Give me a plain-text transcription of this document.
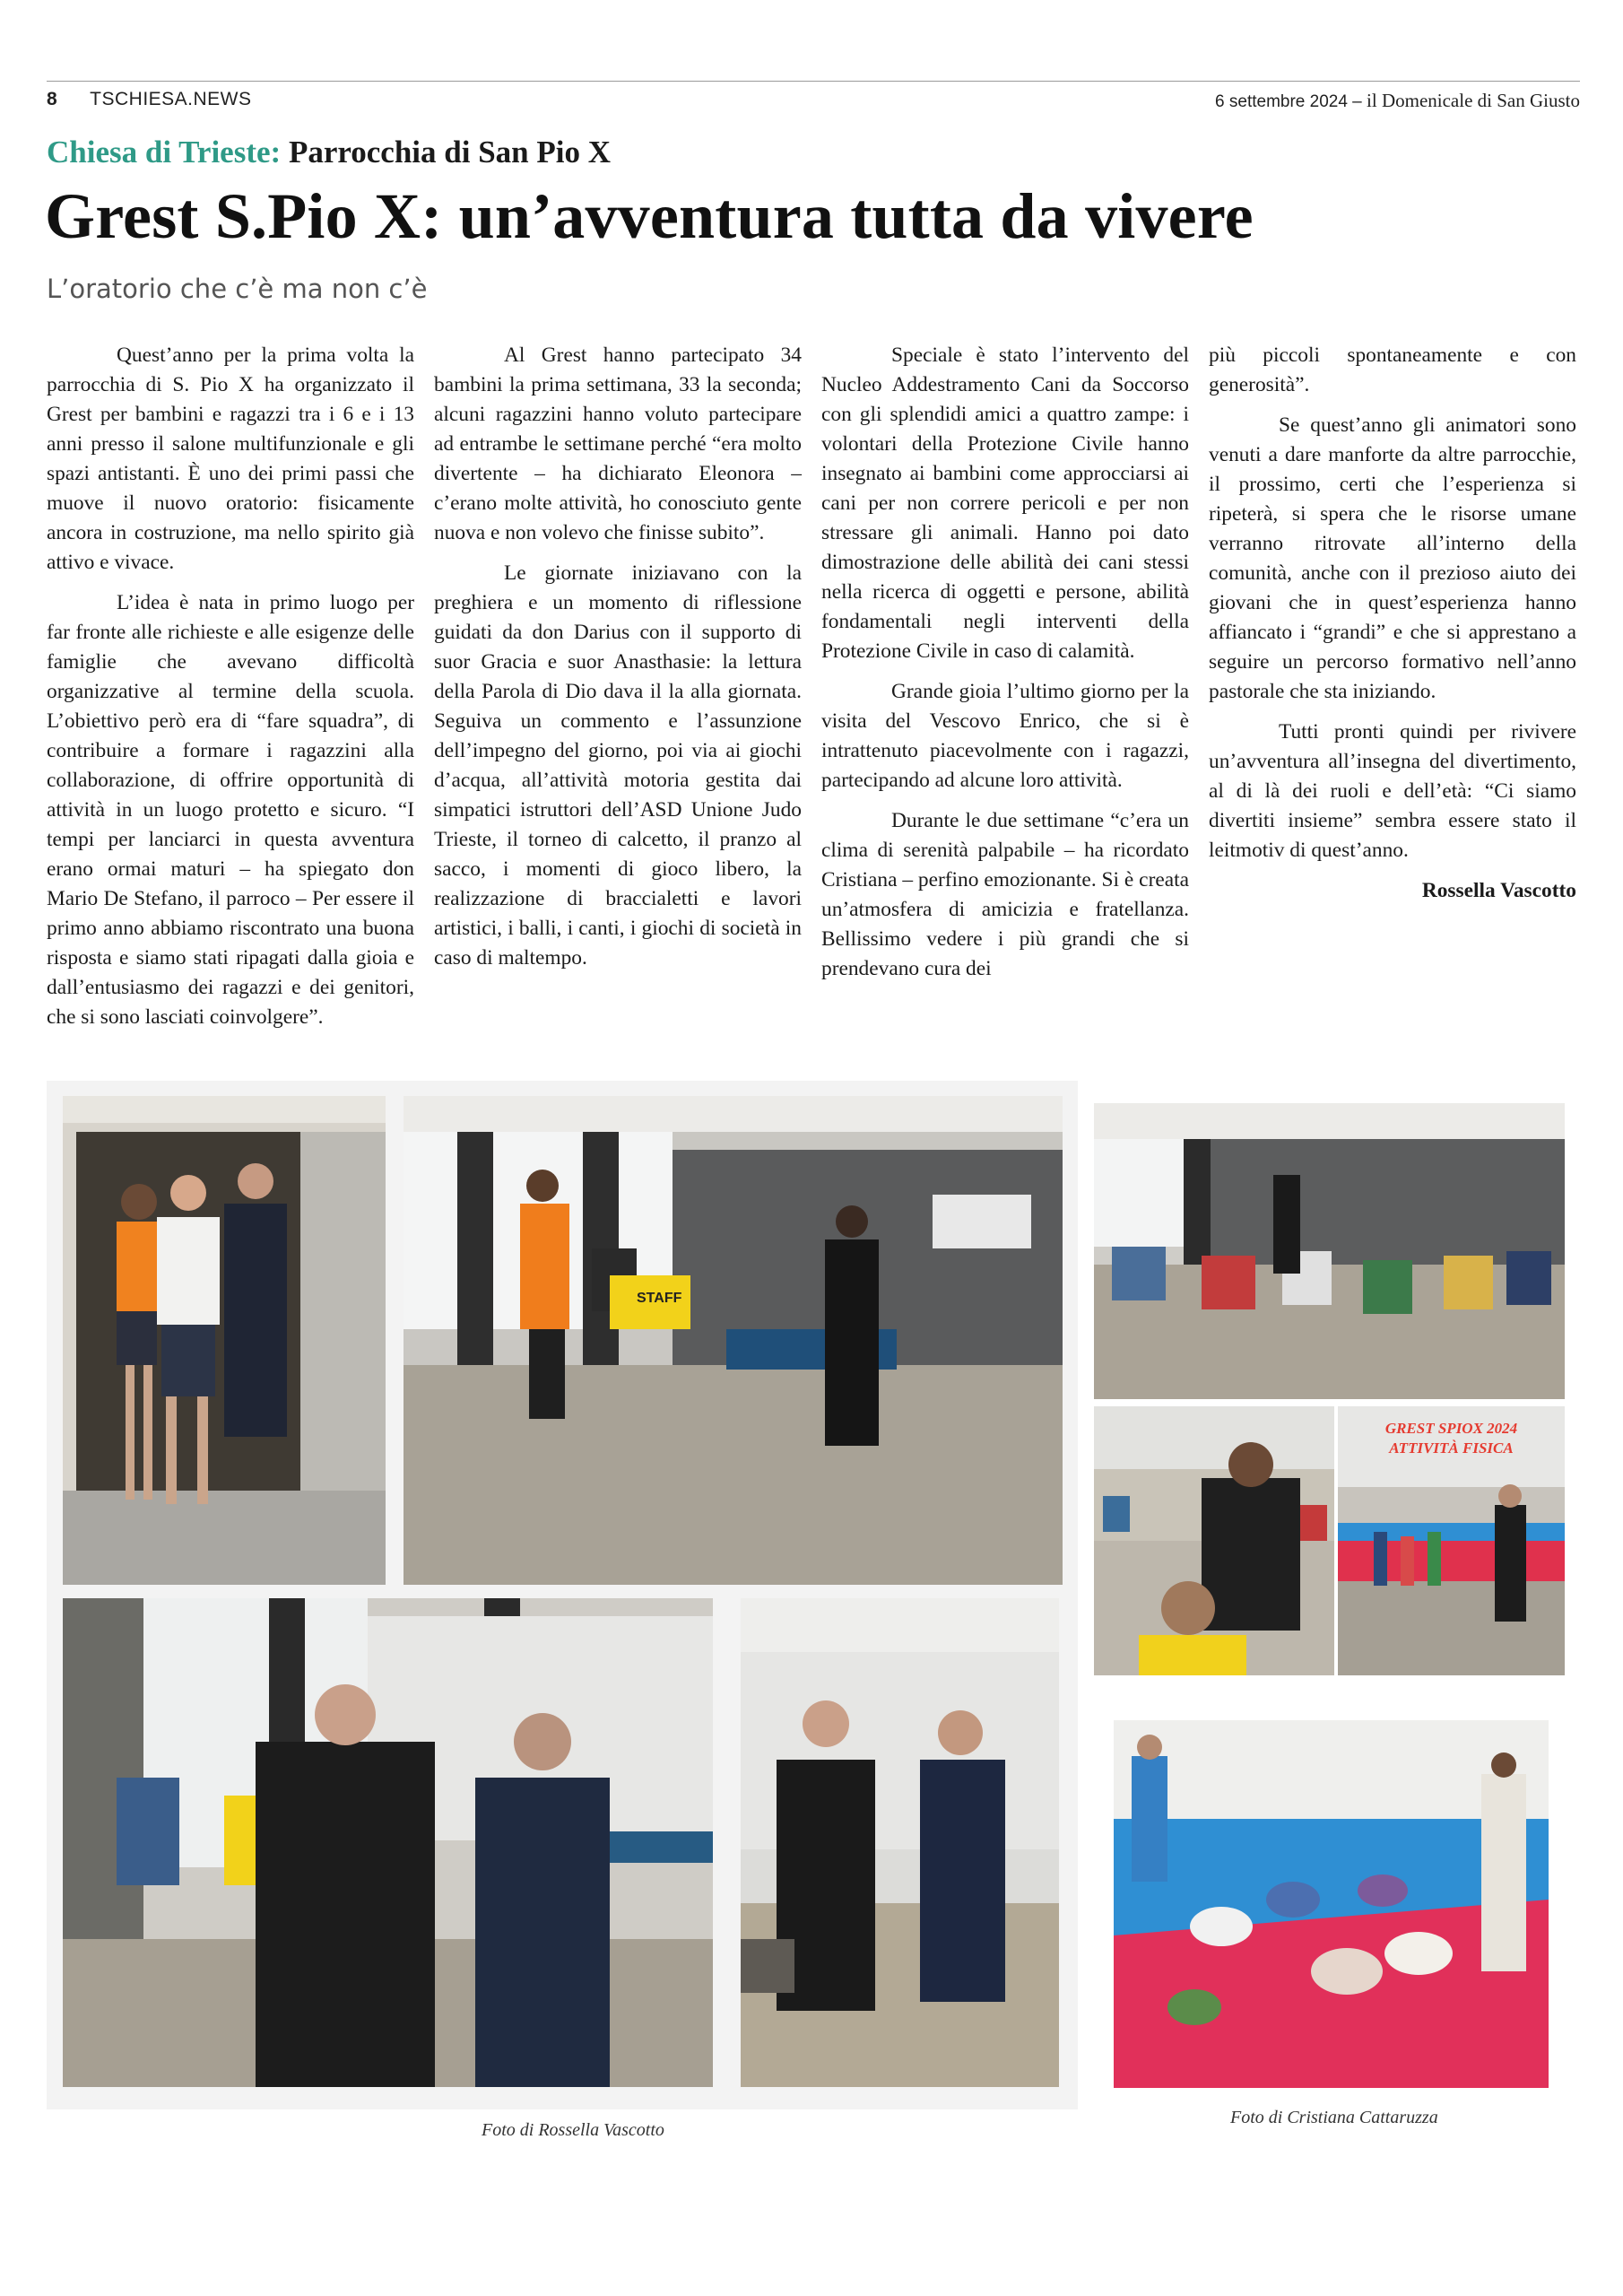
8 TSCHIESA.NEWS	6 settembre 2024 – il Domenicale di San Giusto
Chiesa di Trieste: Parrocchia di San Pio X
Grest S.Pio X: un’avventura tutta da vivere
L’oratorio che c’è ma non c’è

Quest’anno per la prima volta la parrocchia di S. Pio X ha organizzato il Grest per bambini e ragazzi tra i 6 e i 13 anni presso il salone multifunzionale e gli spazi antistanti. È uno dei primi passi che muove il nuovo oratorio: fisicamente ancora in costruzione, ma nello spirito già attivo e vivace.

L’idea è nata in primo luogo per far fronte alle richieste e alle esigenze delle famiglie che avevano difficoltà organizzative al termine della scuola. L’obiettivo però era di “fare squadra”, di contribuire a formare i ragazzini alla collaborazione, di offrire opportunità di attività in un luogo protetto e sicuro. “I tempi per lanciarci in questa avventura erano ormai maturi – ha spiegato don Mario De Stefano, il parroco – Per essere il primo anno abbiamo riscontrato una buona risposta e siamo stati ripagati dalla gioia e dall’entusiasmo dei ragazzi e dei genitori, che si sono lasciati coinvolgere”.

Al Grest hanno partecipato 34 bambini la prima settimana, 33 la seconda; alcuni ragazzini hanno voluto partecipare ad entrambe le settimane perché “era molto divertente – ha dichiarato Eleonora – c’erano molte attività, ho conosciuto gente nuova e non volevo che finisse subito”.

Le giornate iniziavano con la preghiera e un momento di riflessione guidati da don Darius con il supporto di suor Gracia e suor Anasthasie: la lettura della Parola di Dio dava il la alla giornata. Seguiva un commento e l’assunzione dell’impegno del giorno, poi via ai giochi d’acqua, all’attività motoria gestita dai simpatici istruttori dell’ASD Unione Judo Trieste, il torneo di calcetto, il pranzo al sacco, i momenti di gioco libero, la realizzazione di braccialetti e lavori artistici, i balli, i canti, i giochi di società in caso di maltempo.

Speciale è stato l’intervento del Nucleo Addestramento Cani da Soccorso con gli splendidi amici a quattro zampe: i volontari della Protezione Civile hanno insegnato ai bambini come approcciarsi ai cani per non correre pericoli e per non stressare gli animali. Hanno poi dato dimostrazione delle abilità dei cani stessi nella ricerca di oggetti e persone, abilità fondamentali negli interventi della Protezione Civile in caso di calamità.

Grande gioia l’ultimo giorno per la visita del Vescovo Enrico, che si è intrattenuto piacevolmente con i ragazzi, partecipando ad alcune loro attività.

Durante le due settimane “c’era un clima di serenità palpabile – ha ricordato Cristiana – perfino emozionante. Si è creata un’atmosfera di amicizia e fratellanza. Bellissimo vedere i più grandi che si prendevano cura dei

più piccoli spontaneamente e con generosità”.

Se quest’anno gli animatori sono venuti a dare manforte da altre parrocchie, il prossimo, certi che l’esperienza si ripeterà, si spera che le risorse umane verranno ritrovate all’interno della comunità, anche con il prezioso aiuto dei giovani che in quest’esperienza hanno affiancato i “grandi” e che si apprestano a seguire un percorso formativo nell’anno pastorale che sta iniziando.

Tutti pronti quindi per rivivere un’avventura all’insegna del divertimento, al di là dei ruoli e dell’età: “Ci siamo divertiti insieme” sembra essere stato il leitmotiv di quest’anno.

Rossella Vascotto

STAFF
GREST SPIOX 2024
ATTIVITÀ FISICA
Foto di Rossella Vascotto
Foto di Cristiana Cattaruzza
